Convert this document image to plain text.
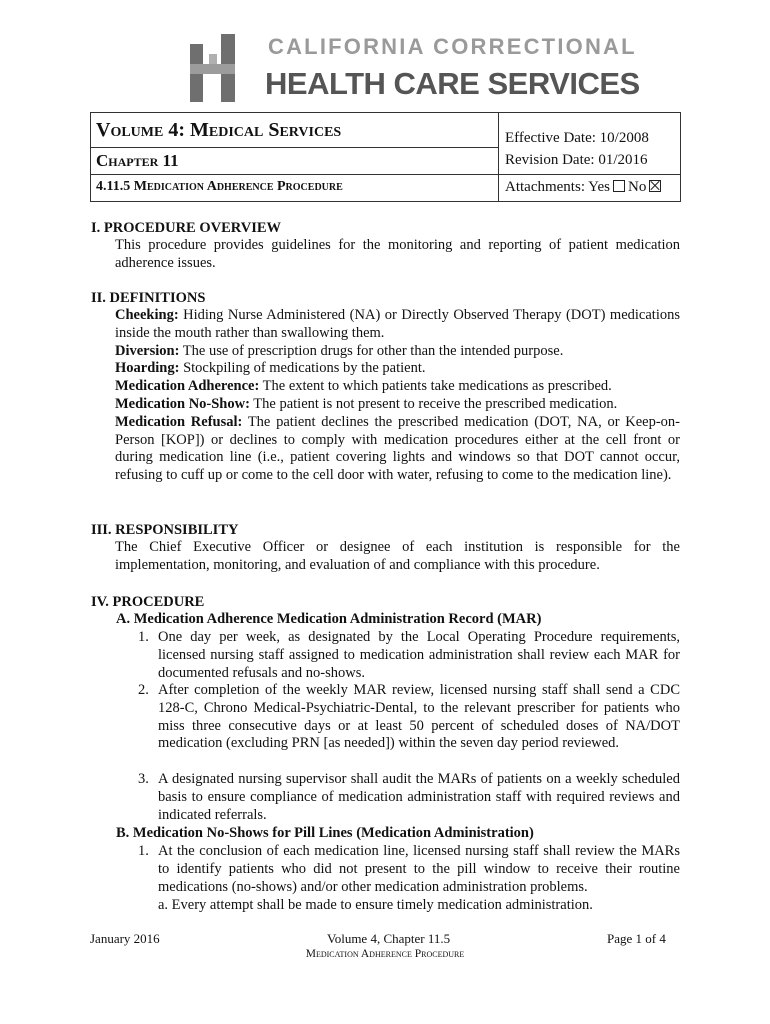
CALIFORNIA CORRECTIONAL
HEALTH CARE SERVICES
Volume 4: Medical Services
Chapter 11
4.11.5 Medication Adherence Procedure
Effective Date: 10/2008
Revision Date: 01/2016
Attachments: Yes No
I. PROCEDURE OVERVIEW
This procedure provides guidelines for the monitoring and reporting of patient medication adherence issues.
II. DEFINITIONS

Cheeking: Hiding Nurse Administered (NA) or Directly Observed Therapy (DOT) medications inside the mouth rather than swallowing them.

Diversion: The use of prescription drugs for other than the intended purpose.

Hoarding: Stockpiling of medications by the patient.

Medication Adherence: The extent to which patients take medications as prescribed.

Medication No-Show: The patient is not present to receive the prescribed medication.

Medication Refusal: The patient declines the prescribed medication (DOT, NA, or Keep-on-Person [KOP]) or declines to comply with medication procedures either at the cell front or during medication line (i.e., patient covering lights and windows so that DOT cannot occur, refusing to cuff up or come to the cell door with water, refusing to come to the medication line).

III. RESPONSIBILITY
The Chief Executive Officer or designee of each institution is responsible for the implementation, monitoring, and evaluation of and compliance with this procedure.
IV. PROCEDURE
A. Medication Adherence Medication Administration Record (MAR)
1. One day per week, as designated by the Local Operating Procedure requirements, licensed nursing staff assigned to medication administration shall review each MAR for documented refusals and no-shows.
2. After completion of the weekly MAR review, licensed nursing staff shall send a CDC 128-C, Chrono Medical-Psychiatric-Dental, to the relevant prescriber for patients who miss three consecutive days or at least 50 percent of scheduled doses of NA/DOT medication (excluding PRN [as needed]) within the seven day period reviewed.
3. A designated nursing supervisor shall audit the MARs of patients on a weekly scheduled basis to ensure compliance of medication administration staff with required reviews and indicated referrals.
B. Medication No-Shows for Pill Lines (Medication Administration)
1. At the conclusion of each medication line, licensed nursing staff shall review the MARs to identify patients who did not present to the pill window to receive their routine medications (no-shows) and/or other medication administration problems.
a. Every attempt shall be made to ensure timely medication administration.
January 2016	Volume 4, Chapter 11.5	Page 1 of 4
Medication Adherence Procedure
